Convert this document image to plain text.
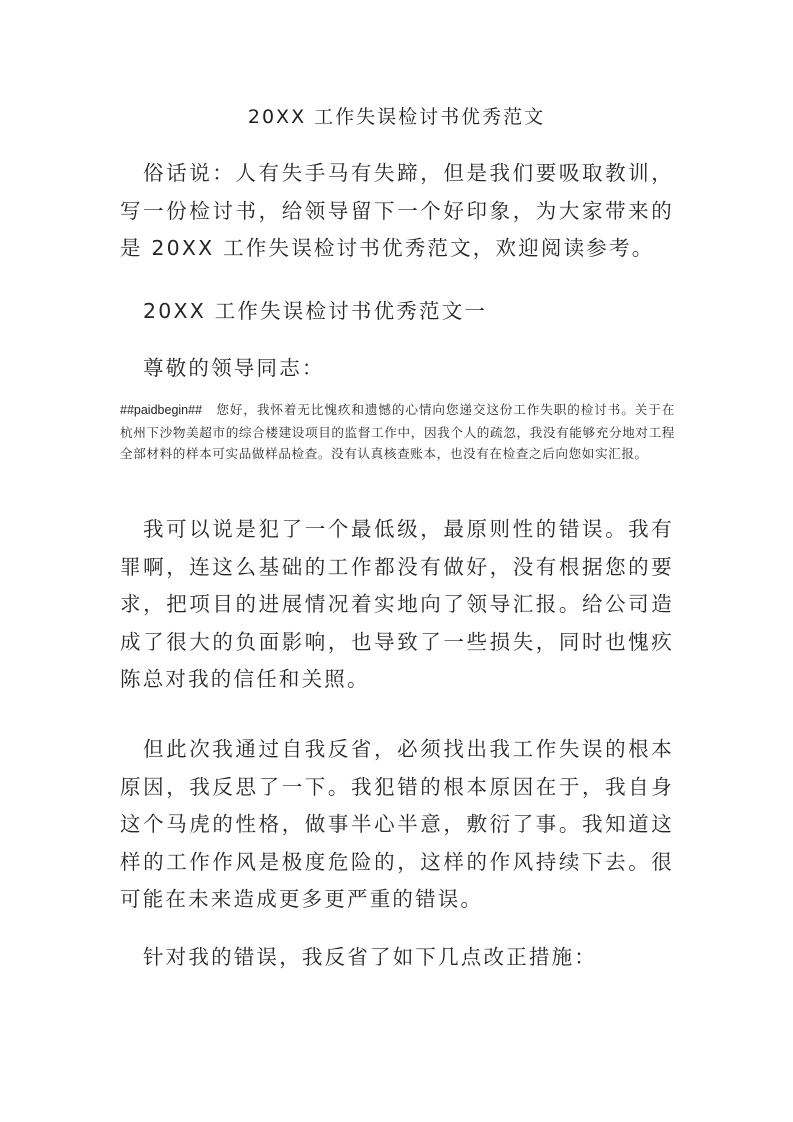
20XX 工作失误检讨书优秀范文

俗话说：人有失手马有失蹄，但是我们要吸取教训，写一份检讨书，给领导留下一个好印象，为大家带来的是 20XX 工作失误检讨书优秀范文，欢迎阅读参考。

20XX 工作失误检讨书优秀范文一

尊敬的领导同志：

##paidbegin## 您好，我怀着无比愧疚和遗憾的心情向您递交这份工作失职的检讨书。关于在杭州下沙物美超市的综合楼建设项目的监督工作中，因我个人的疏忽，我没有能够充分地对工程全部材料的样本可实品做样品检查。没有认真核查账本，也没有在检查之后向您如实汇报。

我可以说是犯了一个最低级，最原则性的错误。我有罪啊，连这么基础的工作都没有做好，没有根据您的要求，把项目的进展情况着实地向了领导汇报。给公司造成了很大的负面影响，也导致了一些损失，同时也愧疚陈总对我的信任和关照。

但此次我通过自我反省，必须找出我工作失误的根本原因，我反思了一下。我犯错的根本原因在于，我自身这个马虎的性格，做事半心半意，敷衍了事。我知道这样的工作作风是极度危险的，这样的作风持续下去。很可能在未来造成更多更严重的错误。

针对我的错误，我反省了如下几点改正措施：
